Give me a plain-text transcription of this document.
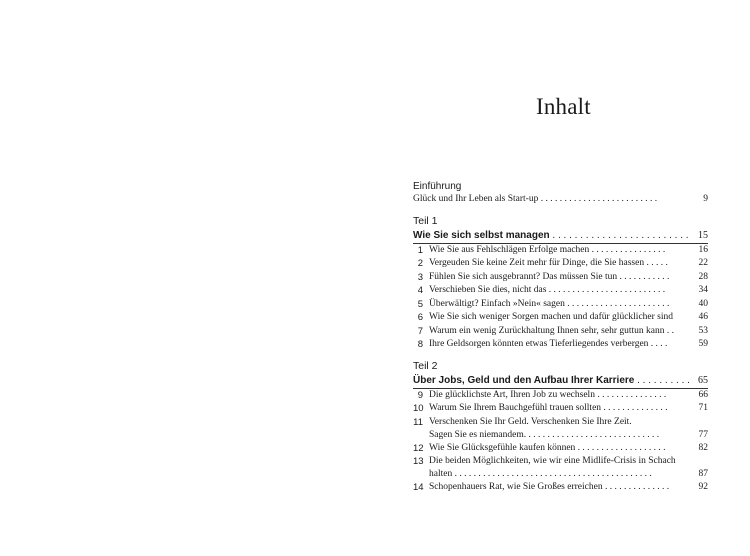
Inhalt
Einführung
Glück und Ihr Leben als Start-up . . . . . . . . . . . . . . . . . . . . . . . . .	9
Teil 1
Wie Sie sich selbst managen . . . . . . . . . . . . . . . . . . . . . . . . . 15
1 Wie Sie aus Fehlschlägen Erfolge machen . . . . . . . . . . . . . . . .	16
2 Vergeuden Sie keine Zeit mehr für Dinge, die Sie hassen . . . . .	22
3 Fühlen Sie sich ausgebrannt? Das müssen Sie tun . . . . . . . . . . .	28
4 Verschieben Sie dies, nicht das . . . . . . . . . . . . . . . . . . . . . . . . .	34
5 Überwältigt? Einfach »Nein« sagen . . . . . . . . . . . . . . . . . . . . . .	40
6 Wie Sie sich weniger Sorgen machen und dafür glücklicher sind	46
7 Warum ein wenig Zurückhaltung Ihnen sehr, sehr guttun kann . .	53
8 Ihre Geldsorgen könnten etwas Tieferliegendes verbergen . . . .	59
Teil 2
Über Jobs, Geld und den Aufbau Ihrer Karriere . . . . . . . . . . 65
9 Die glücklichste Art, Ihren Job zu wechseln . . . . . . . . . . . . . . .	66
10 Warum Sie Ihrem Bauchgefühl trauen sollten . . . . . . . . . . . . . .	71
11 Verschenken Sie Ihr Geld. Verschenken Sie Ihre Zeit.
Sagen Sie es niemandem. . . . . . . . . . . . . . . . . . . . . . . . . . . . .	77
12 Wie Sie Glücksgefühle kaufen können . . . . . . . . . . . . . . . . . . .	82
13 Die beiden Möglichkeiten, wie wir eine Midlife-Crisis in Schach
halten . . . . . . . . . . . . . . . . . . . . . . . . . . . . . . . . . . . . . . . . . .	87
14 Schopenhauers Rat, wie Sie Großes erreichen . . . . . . . . . . . . . .	92
